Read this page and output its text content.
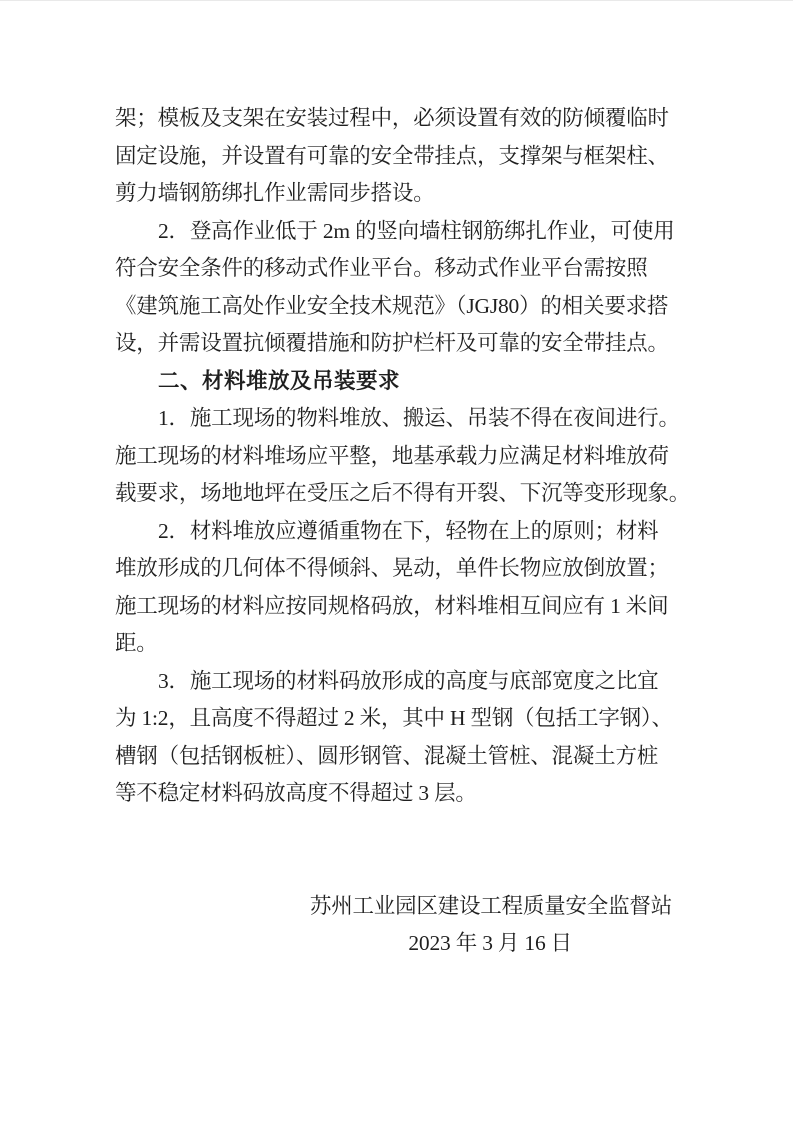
架；模板及支架在安装过程中，必须设置有效的防倾覆临时
固定设施，并设置有可靠的安全带挂点，支撑架与框架柱、
剪力墙钢筋绑扎作业需同步搭设。
2．登高作业低于 2m 的竖向墙柱钢筋绑扎作业，可使用
符合安全条件的移动式作业平台。移动式作业平台需按照
《建筑施工高处作业安全技术规范》（JGJ80）的相关要求搭
设，并需设置抗倾覆措施和防护栏杆及可靠的安全带挂点。
二、材料堆放及吊装要求
1．施工现场的物料堆放、搬运、吊装不得在夜间进行。
施工现场的材料堆场应平整，地基承载力应满足材料堆放荷
载要求，场地地坪在受压之后不得有开裂、下沉等变形现象。
2．材料堆放应遵循重物在下，轻物在上的原则；材料
堆放形成的几何体不得倾斜、晃动，单件长物应放倒放置；
施工现场的材料应按同规格码放，材料堆相互间应有 1 米间
距。
3．施工现场的材料码放形成的高度与底部宽度之比宜
为 1:2，且高度不得超过 2 米，其中 H 型钢（包括工字钢）、
槽钢（包括钢板桩）、圆形钢管、混凝土管桩、混凝土方桩
等不稳定材料码放高度不得超过 3 层。
苏州工业园区建设工程质量安全监督站
2023 年 3 月 16 日
